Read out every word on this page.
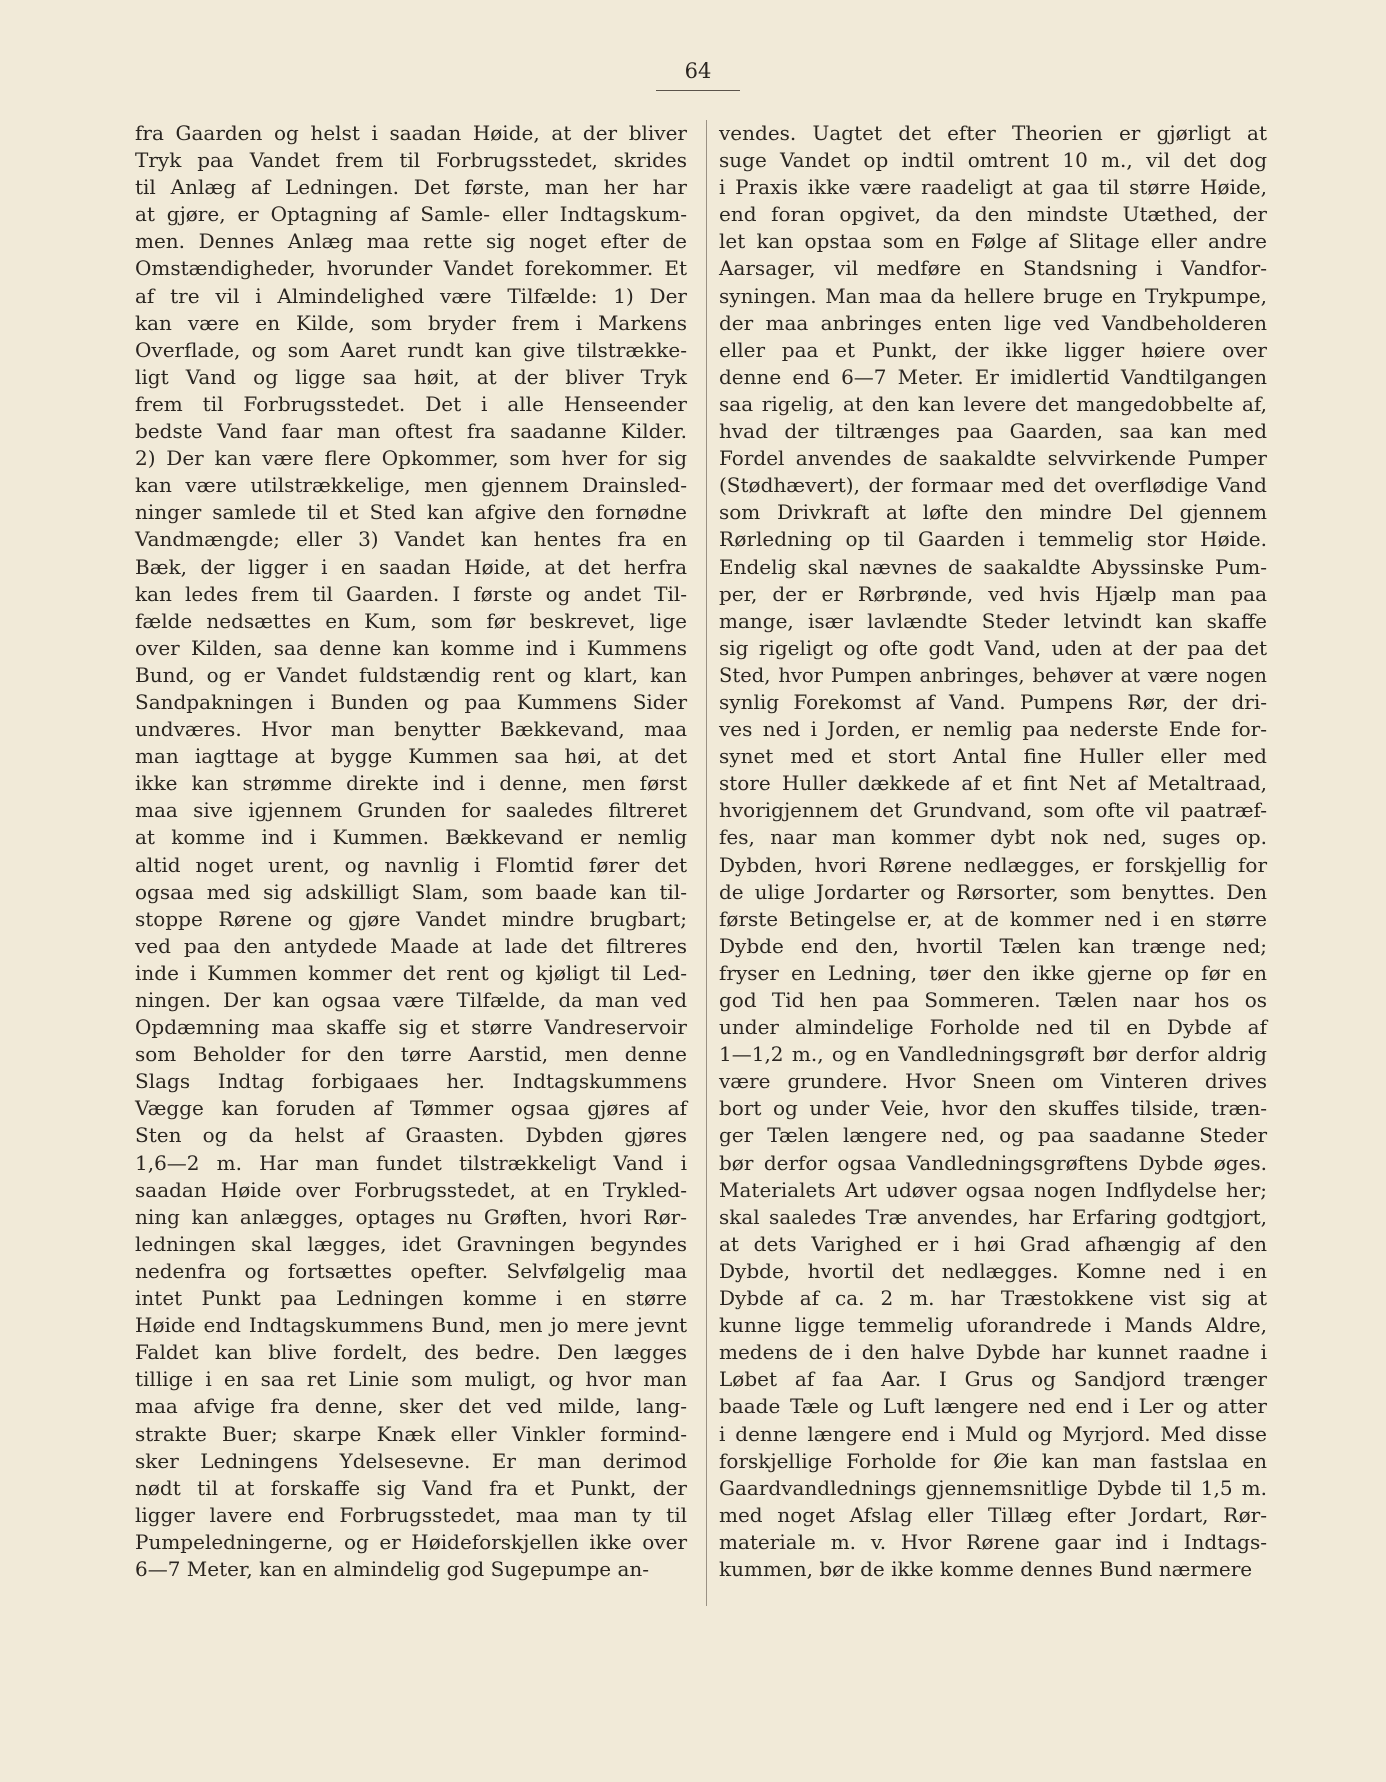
64
fra Gaarden og helst i saadan Høide, at der bliver
Tryk paa Vandet frem til Forbrugsstedet, skrides
til Anlæg af Ledningen. Det første, man her har
at gjøre, er Optagning af Samle- eller Indtagskum-
men. Dennes Anlæg maa rette sig noget efter de
Omstændigheder, hvorunder Vandet forekommer. Et
af tre vil i Almindelighed være Tilfælde: 1) Der
kan være en Kilde, som bryder frem i Markens
Overflade, og som Aaret rundt kan give tilstrække-
ligt Vand og ligge saa høit, at der bliver Tryk
frem til Forbrugsstedet. Det i alle Henseender
bedste Vand faar man oftest fra saadanne Kilder.
2) Der kan være flere Opkommer, som hver for sig
kan være utilstrækkelige, men gjennem Drainsled-
ninger samlede til et Sted kan afgive den fornødne
Vandmængde; eller 3) Vandet kan hentes fra en
Bæk, der ligger i en saadan Høide, at det herfra
kan ledes frem til Gaarden. I første og andet Til-
fælde nedsættes en Kum, som før beskrevet, lige
over Kilden, saa denne kan komme ind i Kummens
Bund, og er Vandet fuldstændig rent og klart, kan
Sandpakningen i Bunden og paa Kummens Sider
undværes. Hvor man benytter Bækkevand, maa
man iagttage at bygge Kummen saa høi, at det
ikke kan strømme direkte ind i denne, men først
maa sive igjennem Grunden for saaledes filtreret
at komme ind i Kummen. Bækkevand er nemlig
altid noget urent, og navnlig i Flomtid fører det
ogsaa med sig adskilligt Slam, som baade kan til-
stoppe Rørene og gjøre Vandet mindre brugbart;
ved paa den antydede Maade at lade det filtreres
inde i Kummen kommer det rent og kjøligt til Led-
ningen. Der kan ogsaa være Tilfælde, da man ved
Opdæmning maa skaffe sig et større Vandreservoir
som Beholder for den tørre Aarstid, men denne
Slags Indtag forbigaaes her. Indtagskummens
Vægge kan foruden af Tømmer ogsaa gjøres af
Sten og da helst af Graasten. Dybden gjøres
1,6—2 m. Har man fundet tilstrækkeligt Vand i
saadan Høide over Forbrugsstedet, at en Trykled-
ning kan anlægges, optages nu Grøften, hvori Rør-
ledningen skal lægges, idet Gravningen begyndes
nedenfra og fortsættes opefter. Selvfølgelig maa
intet Punkt paa Ledningen komme i en større
Høide end Indtagskummens Bund, men jo mere jevnt
Faldet kan blive fordelt, des bedre. Den lægges
tillige i en saa ret Linie som muligt, og hvor man
maa afvige fra denne, sker det ved milde, lang-
strakte Buer; skarpe Knæk eller Vinkler formind-
sker Ledningens Ydelsesevne. Er man derimod
nødt til at forskaffe sig Vand fra et Punkt, der
ligger lavere end Forbrugsstedet, maa man ty til
Pumpeledningerne, og er Høideforskjellen ikke over
6—7 Meter, kan en almindelig god Sugepumpe an-
vendes. Uagtet det efter Theorien er gjørligt at
suge Vandet op indtil omtrent 10 m., vil det dog
i Praxis ikke være raadeligt at gaa til større Høide,
end foran opgivet, da den mindste Utæthed, der
let kan opstaa som en Følge af Slitage eller andre
Aarsager, vil medføre en Standsning i Vandfor-
syningen. Man maa da hellere bruge en Trykpumpe,
der maa anbringes enten lige ved Vandbeholderen
eller paa et Punkt, der ikke ligger høiere over
denne end 6—7 Meter. Er imidlertid Vandtilgangen
saa rigelig, at den kan levere det mangedobbelte af,
hvad der tiltrænges paa Gaarden, saa kan med
Fordel anvendes de saakaldte selvvirkende Pumper
(Stødhævert), der formaar med det overflødige Vand
som Drivkraft at løfte den mindre Del gjennem
Rørledning op til Gaarden i temmelig stor Høide.
Endelig skal nævnes de saakaldte Abyssinske Pum-
per, der er Rørbrønde, ved hvis Hjælp man paa
mange, især lavlændte Steder letvindt kan skaffe
sig rigeligt og ofte godt Vand, uden at der paa det
Sted, hvor Pumpen anbringes, behøver at være nogen
synlig Forekomst af Vand. Pumpens Rør, der dri-
ves ned i Jorden, er nemlig paa nederste Ende for-
synet med et stort Antal fine Huller eller med
store Huller dækkede af et fint Net af Metaltraad,
hvorigjennem det Grundvand, som ofte vil paatræf-
fes, naar man kommer dybt nok ned, suges op.
Dybden, hvori Rørene nedlægges, er forskjellig for
de ulige Jordarter og Rørsorter, som benyttes. Den
første Betingelse er, at de kommer ned i en større
Dybde end den, hvortil Tælen kan trænge ned;
fryser en Ledning, tøer den ikke gjerne op før en
god Tid hen paa Sommeren. Tælen naar hos os
under almindelige Forholde ned til en Dybde af
1—1,2 m., og en Vandledningsgrøft bør derfor aldrig
være grundere. Hvor Sneen om Vinteren drives
bort og under Veie, hvor den skuffes tilside, træn-
ger Tælen længere ned, og paa saadanne Steder
bør derfor ogsaa Vandledningsgrøftens Dybde øges.
Materialets Art udøver ogsaa nogen Indflydelse her;
skal saaledes Træ anvendes, har Erfaring godtgjort,
at dets Varighed er i høi Grad afhængig af den
Dybde, hvortil det nedlægges. Komne ned i en
Dybde af ca. 2 m. har Træstokkene vist sig at
kunne ligge temmelig uforandrede i Mands Aldre,
medens de i den halve Dybde har kunnet raadne i
Løbet af faa Aar. I Grus og Sandjord trænger
baade Tæle og Luft længere ned end i Ler og atter
i denne længere end i Muld og Myrjord. Med disse
forskjellige Forholde for Øie kan man fastslaa en
Gaardvandlednings gjennemsnitlige Dybde til 1,5 m.
med noget Afslag eller Tillæg efter Jordart, Rør-
materiale m. v. Hvor Rørene gaar ind i Indtags-
kummen, bør de ikke komme dennes Bund nærmere
